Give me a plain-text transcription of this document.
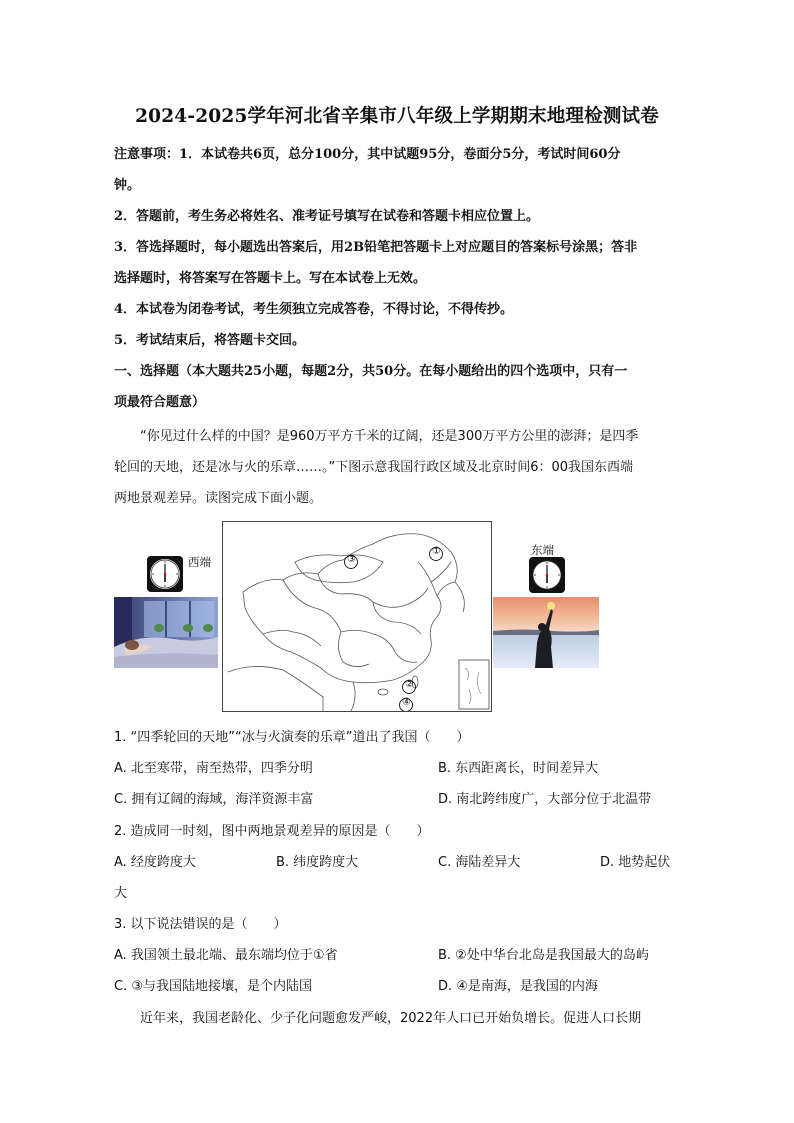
2024-2025学年河北省辛集市八年级上学期期末地理检测试卷
注意事项：1．本试卷共6页，总分100分，其中试题95分，卷面分5分，考试时间60分
钟。
2．答题前，考生务必将姓名、准考证号填写在试卷和答题卡相应位置上。
3．答选择题时，每小题选出答案后，用2B铅笔把答题卡上对应题目的答案标号涂黑；答非
选择题时，将答案写在答题卡上。写在本试卷上无效。
4．本试卷为闭卷考试，考生须独立完成答卷，不得讨论，不得传抄。
5．考试结束后，将答题卡交回。
一、选择题（本大题共25小题，每题2分，共50分。在每小题给出的四个选项中，只有一
项最符合题意）
“你见过什么样的中国？是960万平方千米的辽阔，还是300万平方公里的澎湃；是四季
轮回的天地，还是冰与火的乐章……。”下图示意我国行政区域及北京时间6：00我国东西端
两地景观差异。读图完成下面小题。
西端
①
③
②
④
东端
1. “四季轮回的天地”“冰与火演奏的乐章”道出了我国（　　）
A. 北至寒带，南至热带，四季分明	B. 东西距离长，时间差异大
C. 拥有辽阔的海域，海洋资源丰富	D. 南北跨纬度广，大部分位于北温带
2. 造成同一时刻，图中两地景观差异的原因是（　　）
A. 经度跨度大	B. 纬度跨度大	C. 海陆差异大	D. 地势起伏
大
3. 以下说法错误的是（　　）
A. 我国领土最北端、最东端均位于①省	B. ②处中华台北岛是我国最大的岛屿
C. ③与我国陆地接壤，是个内陆国	D. ④是南海，是我国的内海
近年来，我国老龄化、少子化问题愈发严峻，2022年人口已开始负增长。促进人口长期
